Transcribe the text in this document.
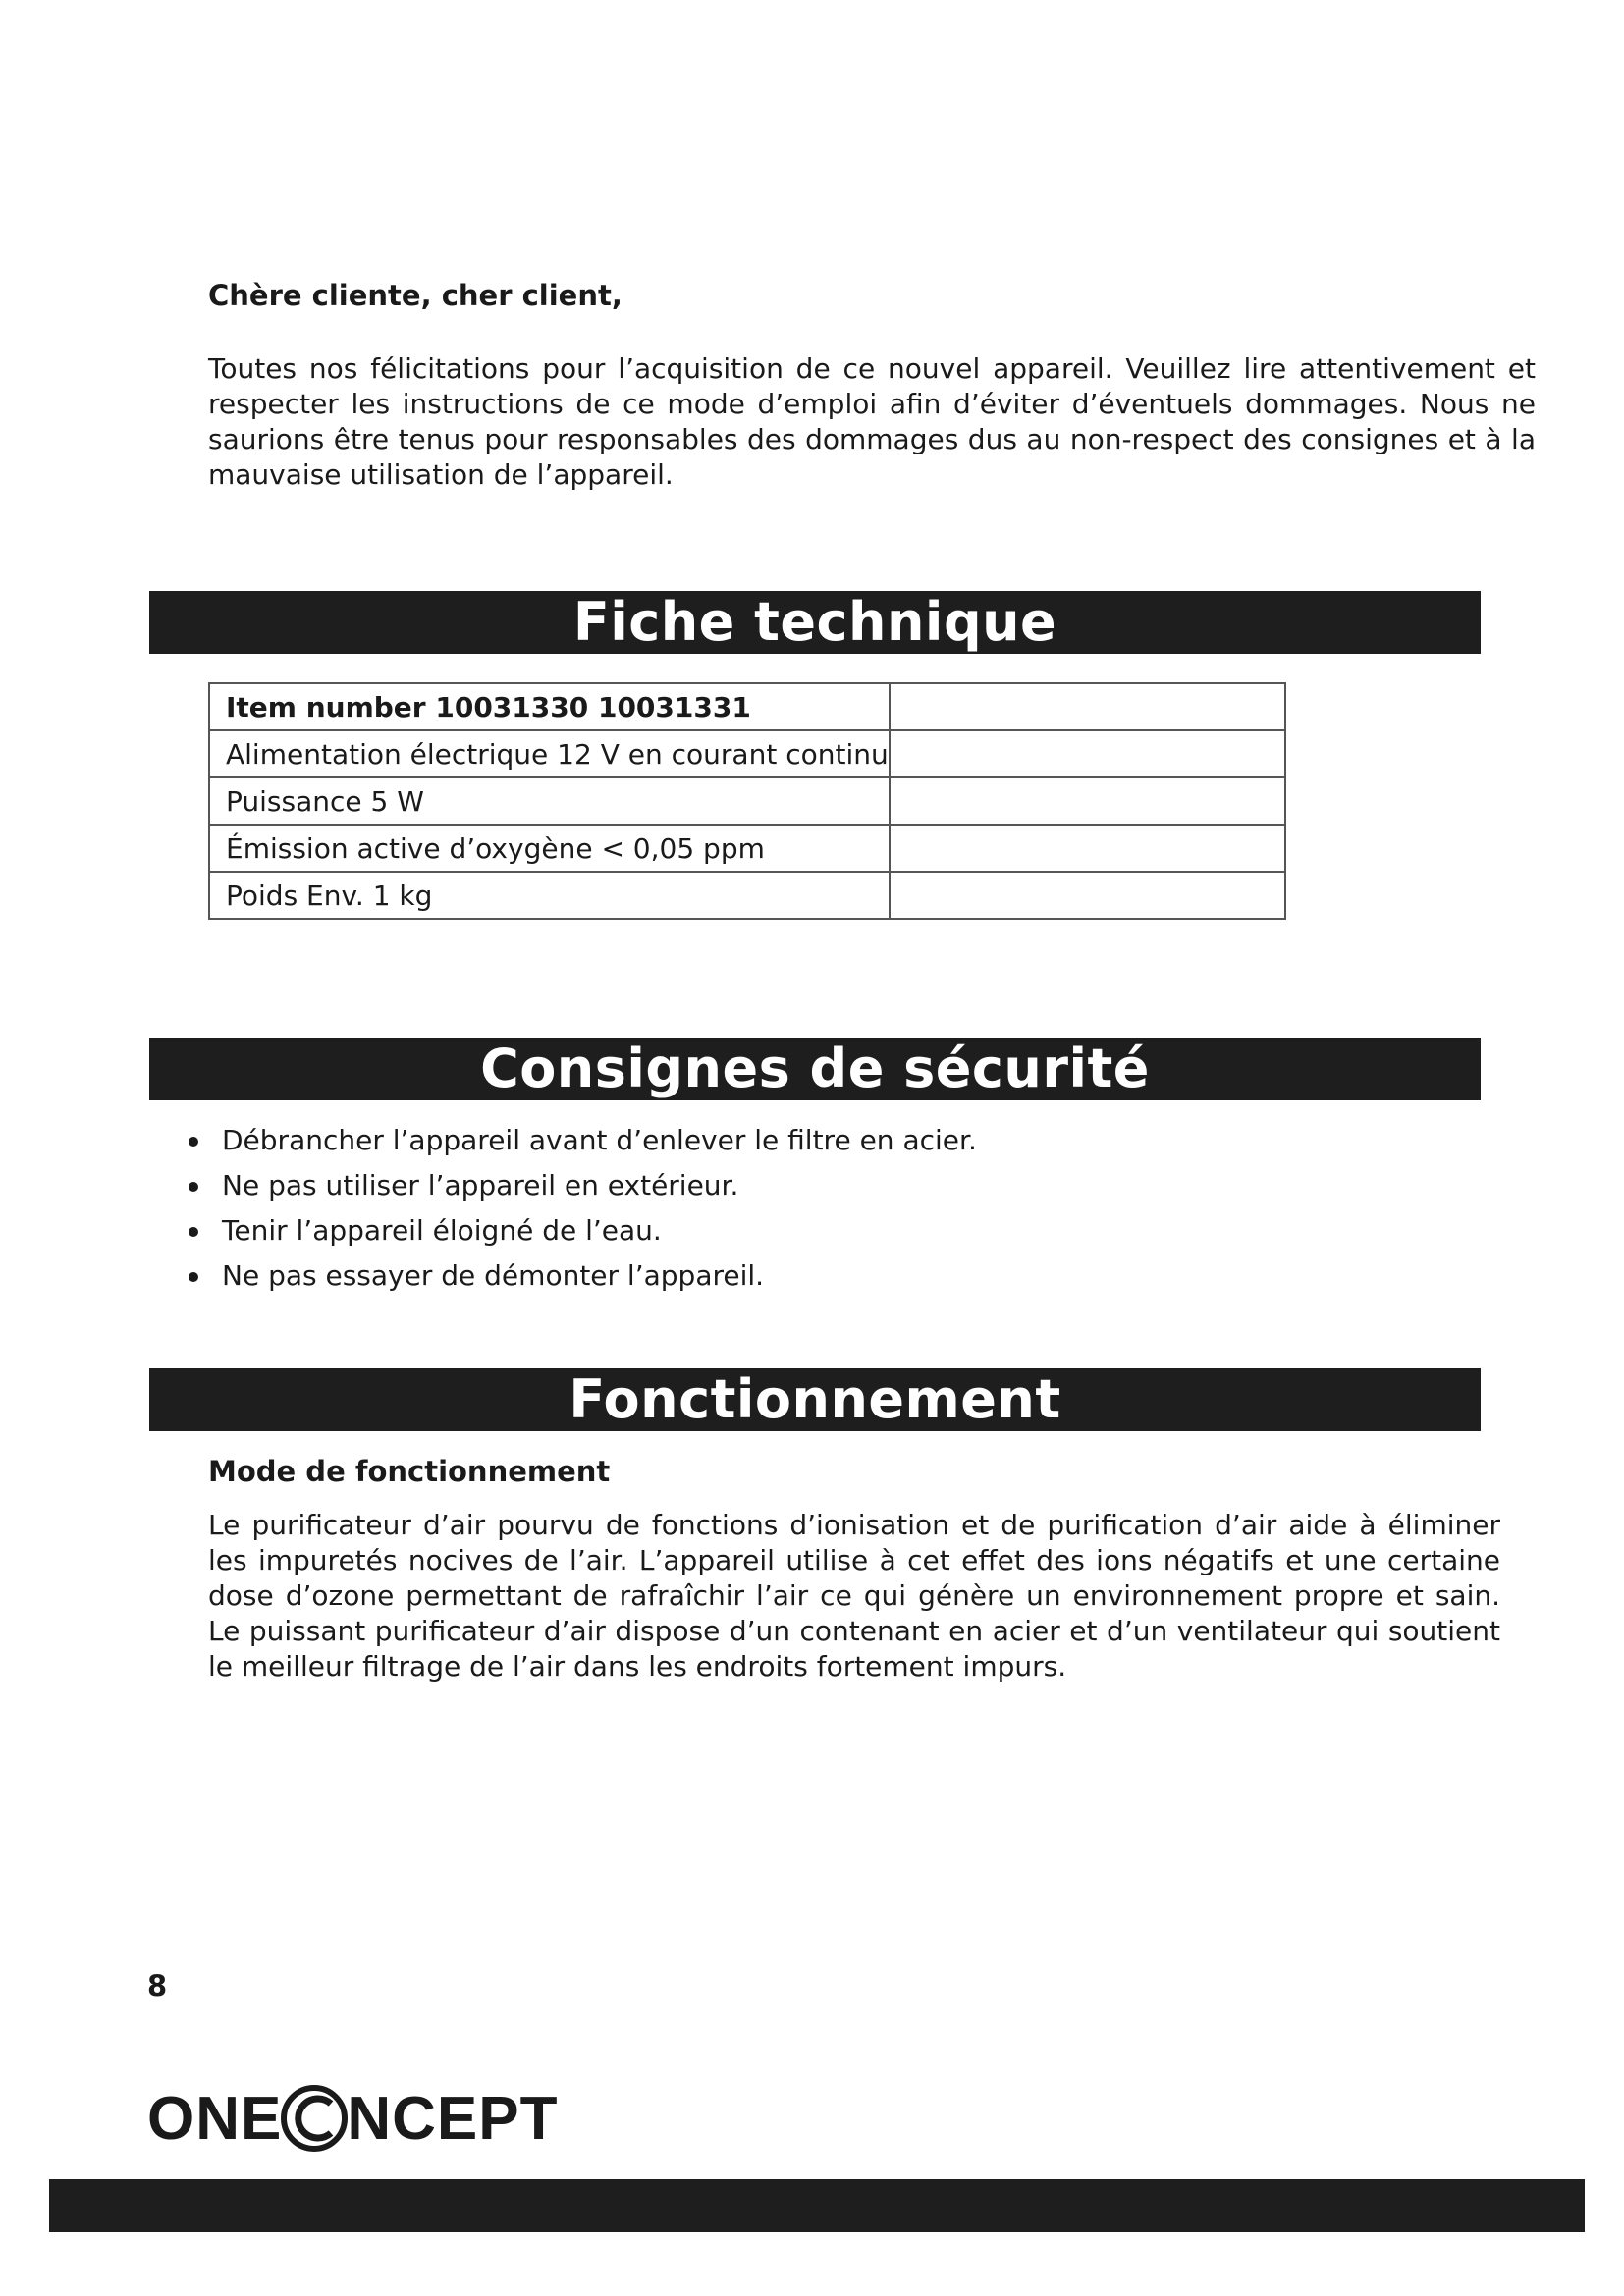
Chère cliente, cher client,

Toutes nos félicitations pour l’acquisition de ce nouvel appareil. Veuillez lire attentivement et respecter les instructions de ce mode d’emploi afin d’éviter d’éventuels dommages. Nous ne saurions être tenus pour responsables des dommages dus au non-respect des consignes et à la mauvaise utilisation de l’appareil.

Fiche technique
Item number 10031330 10031331	
Alimentation électrique 12 V en courant continu	
Puissance 5 W	
Émission active d’oxygène < 0,05 ppm	
Poids Env. 1 kg	
Consignes de sécurité
Débrancher l’appareil avant d’enlever le filtre en acier.
Ne pas utiliser l’appareil en extérieur.
Tenir l’appareil éloigné de l’eau.
Ne pas essayer de démonter l’appareil.
Fonctionnement

Mode de fonctionnement

Le purificateur d’air pourvu de fonctions d’ionisation et de purification d’air aide à éliminer les impuretés nocives de l’air. L’appareil utilise à cet effet des ions négatifs et une certaine dose d’ozone permettant de rafraîchir l’air ce qui génère un environnement propre et sain. Le puissant purificateur d’air dispose d’un contenant en acier et d’un ventilateur qui soutient le meilleur filtrage de l’air dans les endroits fortement impurs.

8
ONE NCEPT
